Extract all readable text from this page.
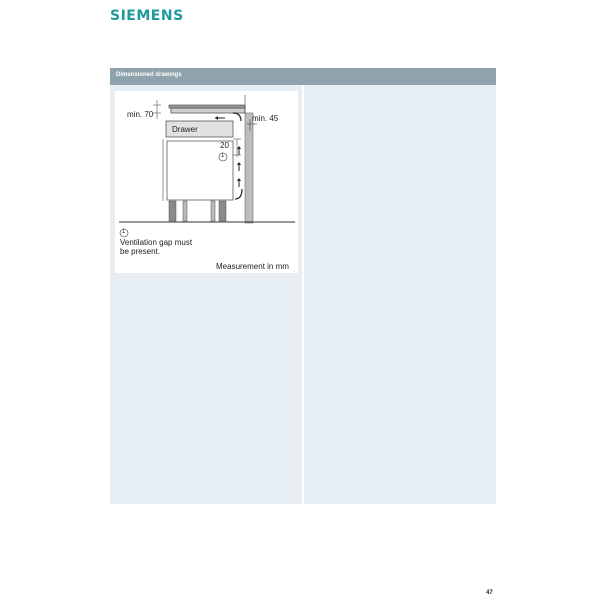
SIEMENS
Dimensioned drawings
min. 70	min. 45
Drawer
20
1
1
Ventilation gap must
be present.
Measurement in mm
47
